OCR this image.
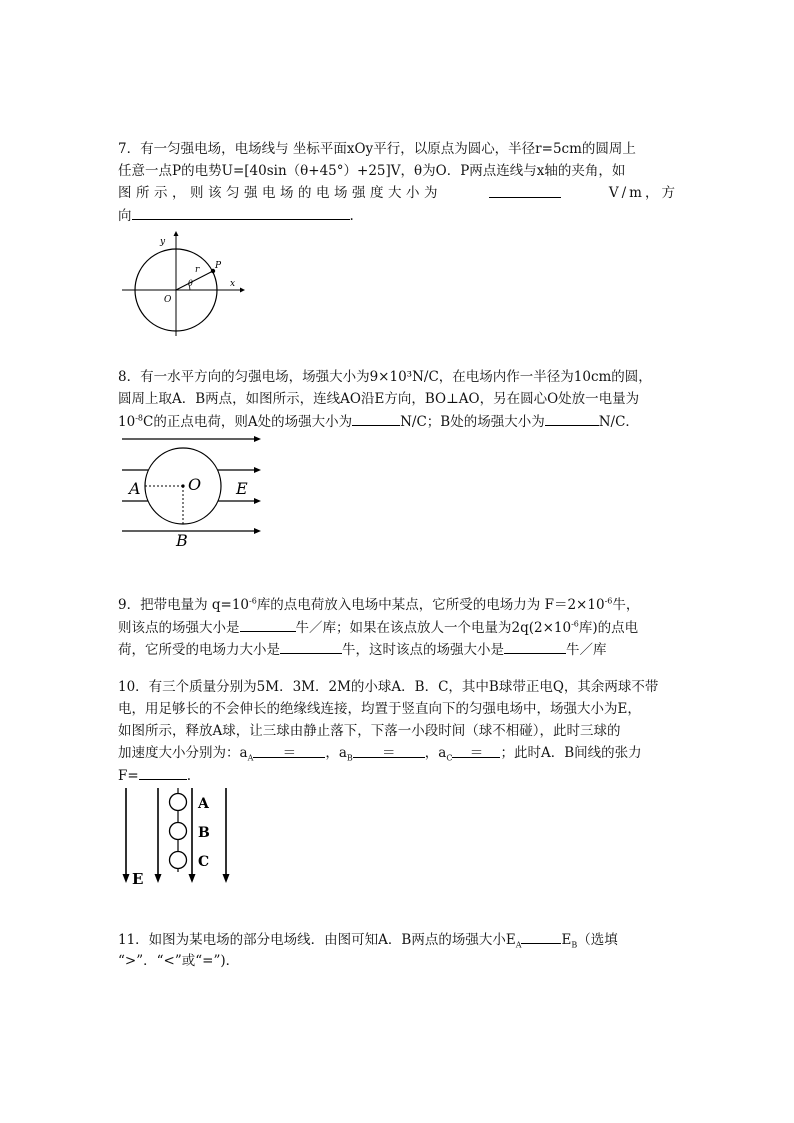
7．有一匀强电场，电场线与 坐标平面xOy平行，以原点为圆心，半径r=5cm的圆周上
任意一点P的电势U=[40sin（θ+45°）+25]V，θ为O．P两点连线与x轴的夹角，如
图所示，则该匀强电场的电场强度大小为	V/m，方
向	.
y
x
O
P
r
θ
8．有一水平方向的匀强电场，场强大小为9×10³N/C，在电场内作一半径为10cm的圆，
圆周上取A．B两点，如图所示，连线AO沿E方向，BO⊥AO，另在圆心O处放一电量为
$10^{-8}C$的正点电荷，则A处的场强大小为	N/C；B处的场强大小为	N/C．
A	O E
B
9．把带电量为 $q=10^{-6}$库的点电荷放入电场中某点，它所受的电场力为 $F=2\times 10^{-6}$牛，
则该点的场强大小是	牛／库；如果在该点放人一个电量为$2q(2\times 10^{-6}$库)的点电
荷，它所受的电场力大小是	牛，这时该点的场强大小是	牛／库
10．有三个质量分别为5M．3M．2M的小球A．B．C，其中B球带正电Q，其余两球不带
电，用足够长的不会伸长的绝缘线连接，均置于竖直向下的匀强电场中，场强大小为E，
如图所示，释放A球，让三球由静止落下，下落一小段时间（球不相碰），此时三球的
加速度大小分别为：$a_A$ ＝ ，$a_B$ ＝ ，$a_C$ ＝ ；此时A．B间线的张力
F=	.
E
A
B
C
11．如图为某电场的部分电场线．由图可知A．B两点的场强大小$E_A$	$E_B$（选填
“>”．“<”或“=”)．
